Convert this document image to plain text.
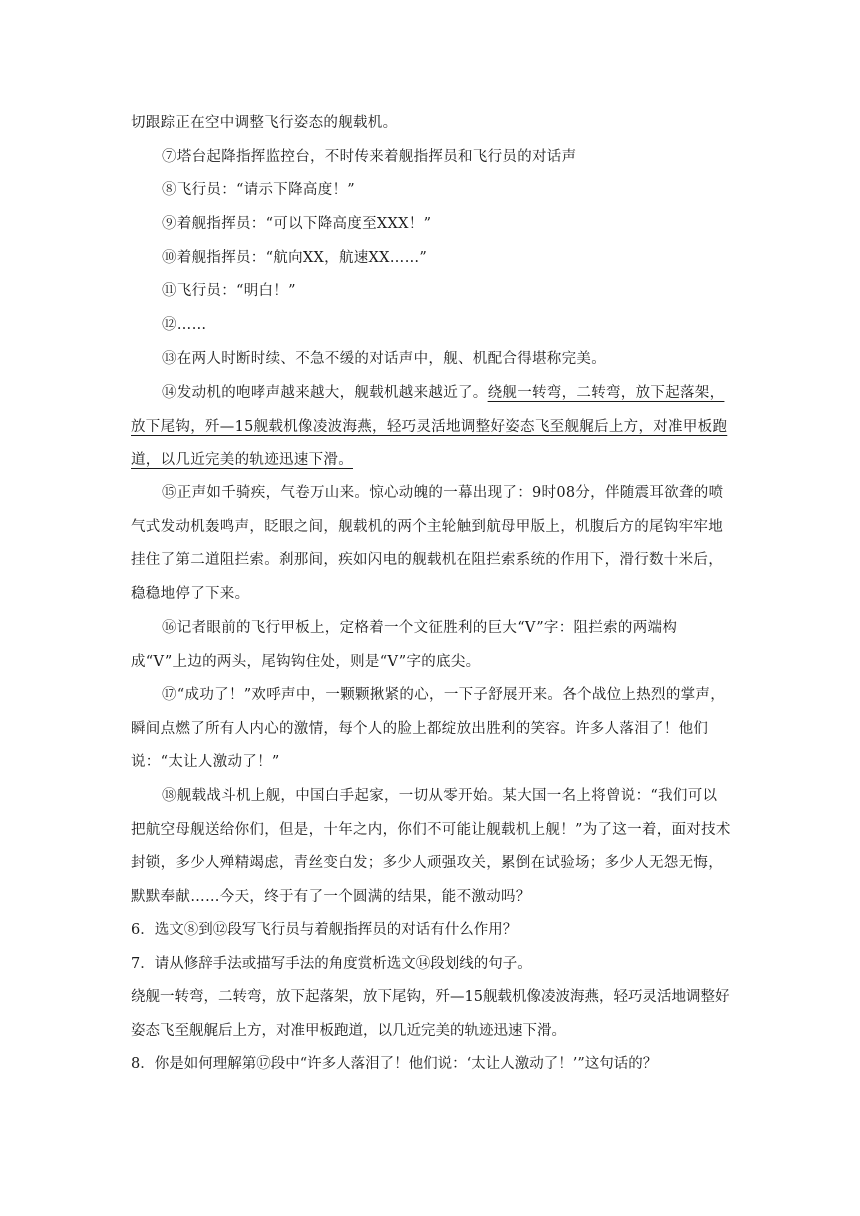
切跟踪正在空中调整飞行姿态的舰载机。

⑦塔台起降指挥监控台，不时传来着舰指挥员和飞行员的对话声

⑧飞行员：“请示下降高度！”

⑨着舰指挥员：“可以下降高度至XXX！”

⑩着舰指挥员：“航向XX，航速XX……”

⑪飞行员：“明白！”

⑫……

⑬在两人时断时续、不急不缓的对话声中，舰、机配合得堪称完美。

⑭发动机的咆哮声越来越大，舰载机越来越近了。绕舰一转弯，二转弯，放下起落架，放下尾钩，歼—15舰载机像凌波海燕，轻巧灵活地调整好姿态飞至舰艉后上方，对准甲板跑道，以几近完美的轨迹迅速下滑。

⑮正声如千骑疾，气卷万山来。惊心动魄的一幕出现了：9时08分，伴随震耳欲聋的喷气式发动机轰鸣声，眨眼之间，舰载机的两个主轮触到航母甲版上，机腹后方的尾钩牢牢地挂住了第二道阻拦索。刹那间，疾如闪电的舰载机在阻拦索系统的作用下，滑行数十米后，稳稳地停了下来。

⑯记者眼前的飞行甲板上，定格着一个文征胜利的巨大“V”字：阻拦索的两端构成“V”上边的两头，尾钩钩住处，则是“V”字的底尖。

⑰“成功了！”欢呼声中，一颗颗揪紧的心，一下子舒展开来。各个战位上热烈的掌声，瞬间点燃了所有人内心的激情，每个人的脸上都绽放出胜利的笑容。许多人落泪了！他们说：“太让人激动了！”

⑱舰载战斗机上舰，中国白手起家，一切从零开始。某大国一名上将曾说：“我们可以把航空母舰送给你们，但是，十年之内，你们不可能让舰载机上舰！”为了这一着，面对技术封锁，多少人殚精竭虑，青丝变白发；多少人顽强攻关，累倒在试验场；多少人无怨无悔，默默奉献……今天，终于有了一个圆满的结果，能不激动吗？

6．选文⑧到⑫段写飞行员与着舰指挥员的对话有什么作用？

7．请从修辞手法或描写手法的角度赏析选文⑭段划线的句子。

绕舰一转弯，二转弯，放下起落架，放下尾钩，歼—15舰载机像凌波海燕，轻巧灵活地调整好姿态飞至舰艉后上方，对准甲板跑道，以几近完美的轨迹迅速下滑。

8．你是如何理解第⑰段中“许多人落泪了！他们说：‘太让人激动了！’”这句话的？
